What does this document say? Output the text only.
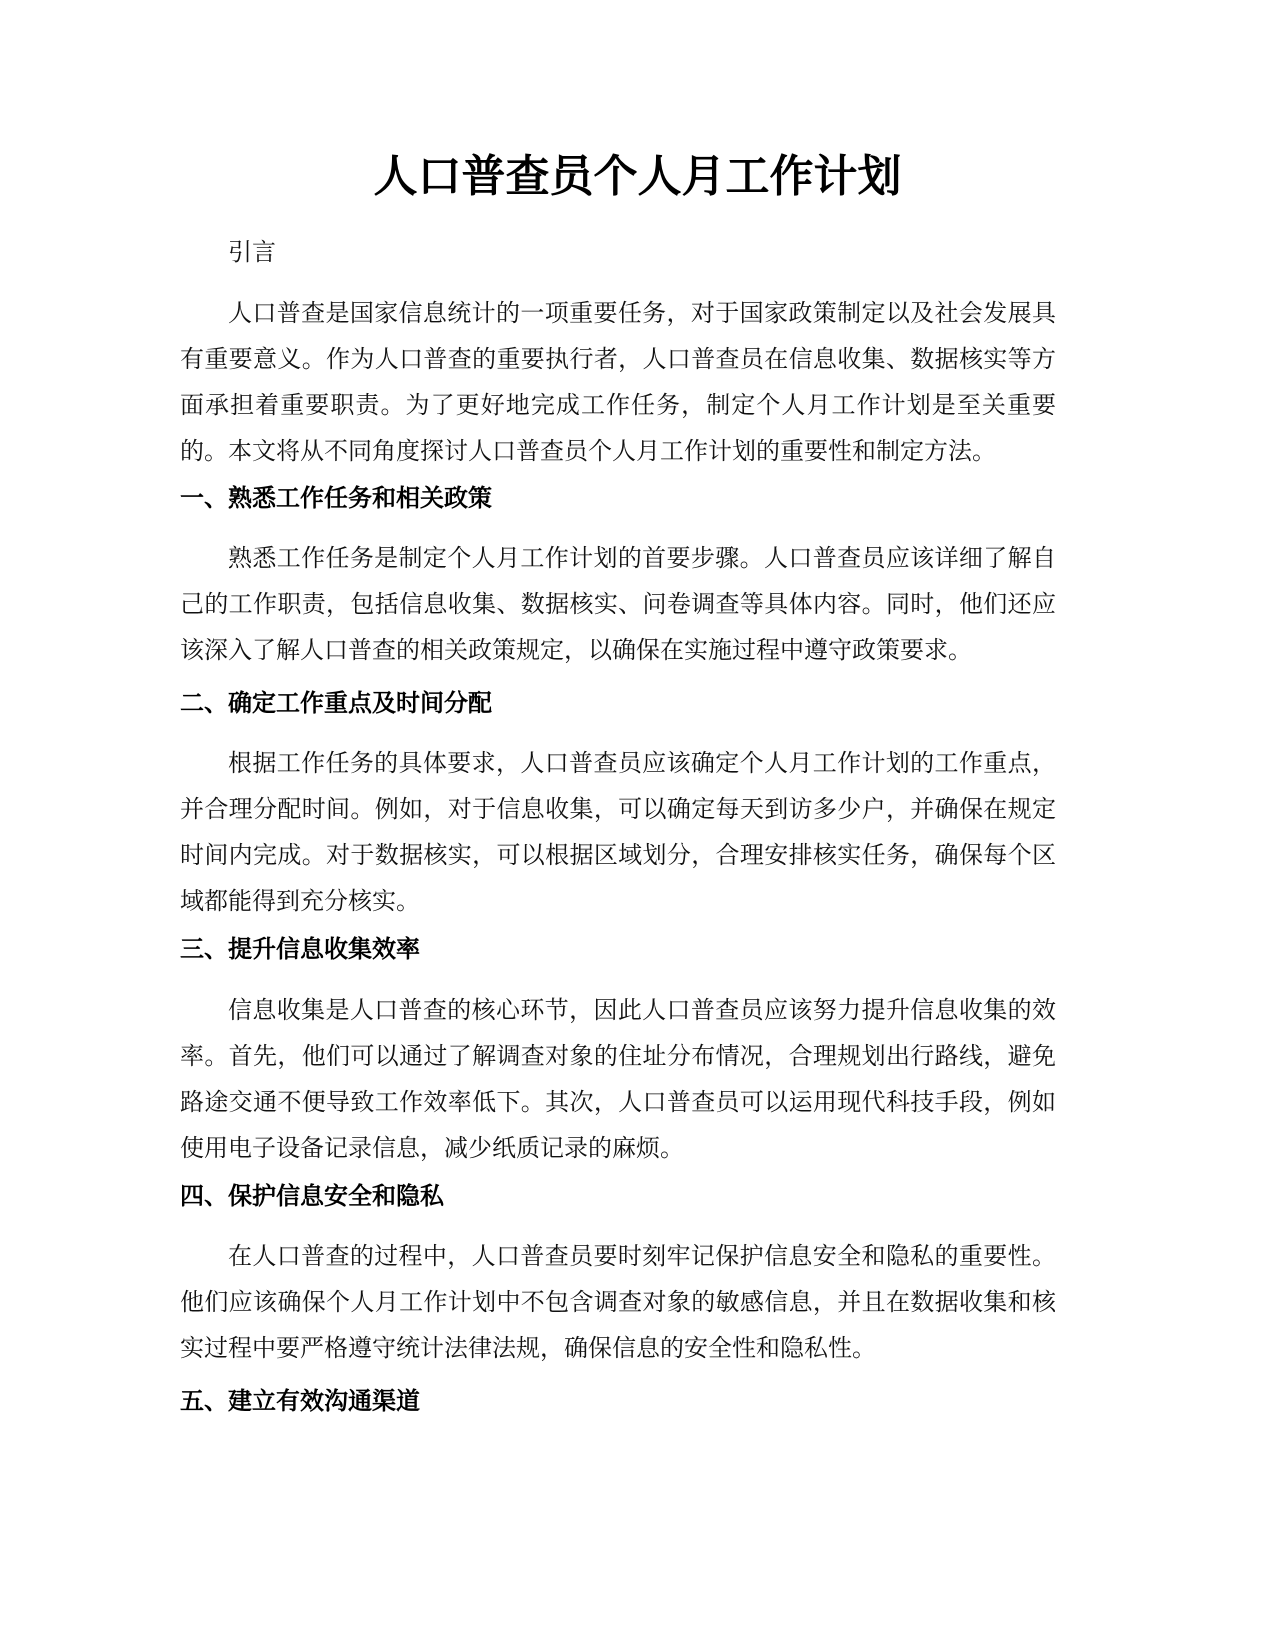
人口普查员个人月工作计划

引言

人口普查是国家信息统计的一项重要任务，对于国家政策制定以及社会发展具有重要意义。作为人口普查的重要执行者，人口普查员在信息收集、数据核实等方面承担着重要职责。为了更好地完成工作任务，制定个人月工作计划是至关重要的。本文将从不同角度探讨人口普查员个人月工作计划的重要性和制定方法。

一、熟悉工作任务和相关政策

熟悉工作任务是制定个人月工作计划的首要步骤。人口普查员应该详细了解自己的工作职责，包括信息收集、数据核实、问卷调查等具体内容。同时，他们还应该深入了解人口普查的相关政策规定，以确保在实施过程中遵守政策要求。

二、确定工作重点及时间分配

根据工作任务的具体要求，人口普查员应该确定个人月工作计划的工作重点，并合理分配时间。例如，对于信息收集，可以确定每天到访多少户，并确保在规定时间内完成。对于数据核实，可以根据区域划分，合理安排核实任务，确保每个区域都能得到充分核实。

三、提升信息收集效率

信息收集是人口普查的核心环节，因此人口普查员应该努力提升信息收集的效率。首先，他们可以通过了解调查对象的住址分布情况，合理规划出行路线，避免路途交通不便导致工作效率低下。其次，人口普查员可以运用现代科技手段，例如使用电子设备记录信息，减少纸质记录的麻烦。

四、保护信息安全和隐私

在人口普查的过程中，人口普查员要时刻牢记保护信息安全和隐私的重要性。他们应该确保个人月工作计划中不包含调查对象的敏感信息，并且在数据收集和核实过程中要严格遵守统计法律法规，确保信息的安全性和隐私性。

五、建立有效沟通渠道
